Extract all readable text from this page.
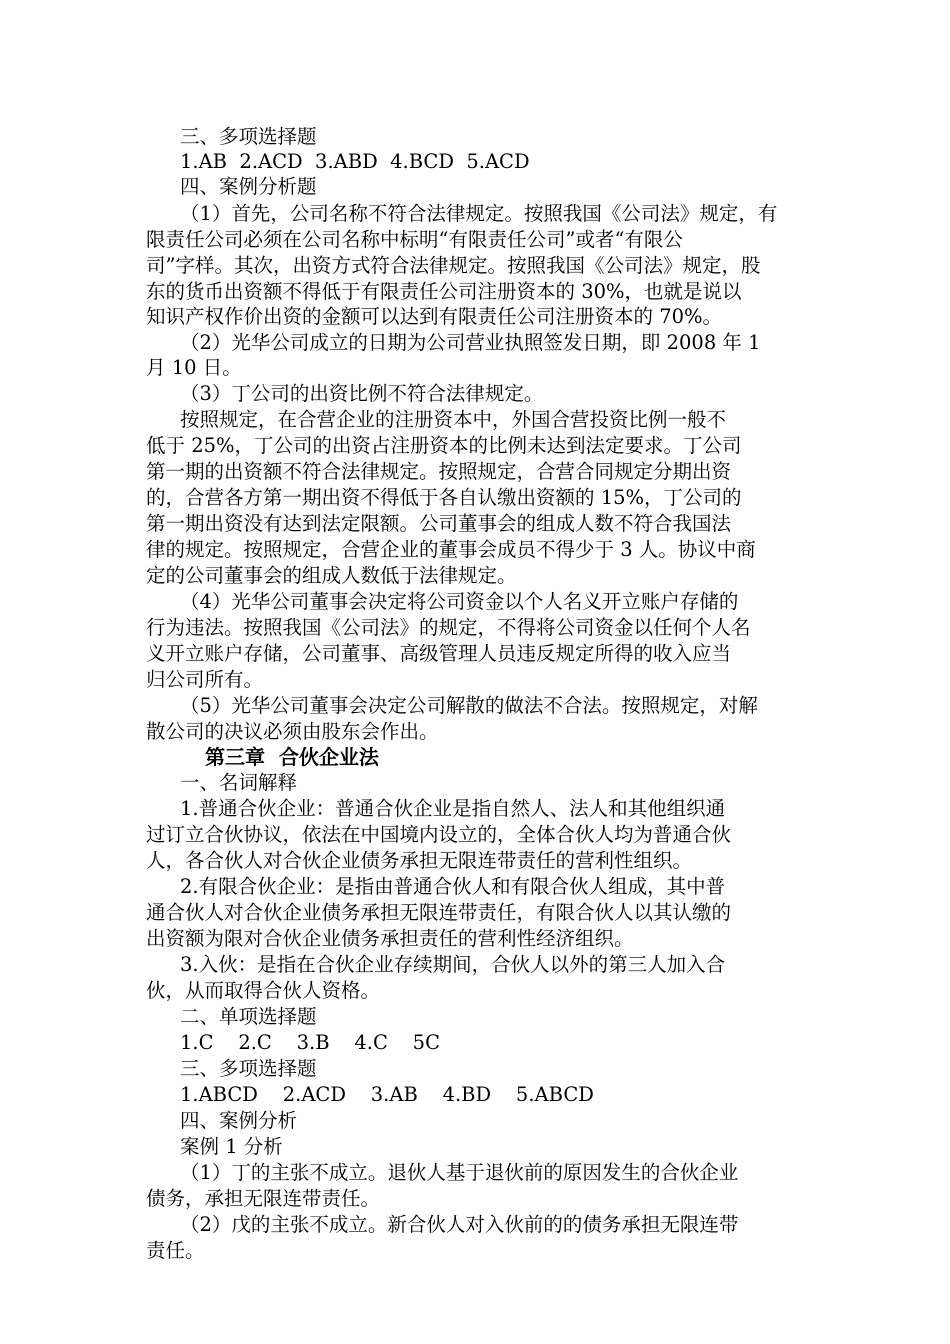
三、多项选择题
1.AB  2.ACD  3.ABD  4.BCD  5.ACD
四、案例分析题
（1）首先，公司名称不符合法律规定。按照我国《公司法》规定，有
限责任公司必须在公司名称中标明“有限责任公司”或者“有限公
司”字样。其次，出资方式符合法律规定。按照我国《公司法》规定，股
东的货币出资额不得低于有限责任公司注册资本的 30%，也就是说以
知识产权作价出资的金额可以达到有限责任公司注册资本的 70%。
（2）光华公司成立的日期为公司营业执照签发日期，即 2008 年 1
月 10 日。
（3）丁公司的出资比例不符合法律规定。
按照规定，在合营企业的注册资本中，外国合营投资比例一般不
低于 25%，丁公司的出资占注册资本的比例未达到法定要求。丁公司
第一期的出资额不符合法律规定。按照规定，合营合同规定分期出资
的，合营各方第一期出资不得低于各自认缴出资额的 15%，丁公司的
第一期出资没有达到法定限额。公司董事会的组成人数不符合我国法
律的规定。按照规定，合营企业的董事会成员不得少于 3 人。协议中商
定的公司董事会的组成人数低于法律规定。
（4）光华公司董事会决定将公司资金以个人名义开立账户存储的
行为违法。按照我国《公司法》的规定，不得将公司资金以任何个人名
义开立账户存储，公司董事、高级管理人员违反规定所得的收入应当
归公司所有。
（5）光华公司董事会决定公司解散的做法不合法。按照规定，对解
散公司的决议必须由股东会作出。
第三章  合伙企业法
一、名词解释
1.普通合伙企业：普通合伙企业是指自然人、法人和其他组织通
过订立合伙协议，依法在中国境内设立的，全体合伙人均为普通合伙
人，各合伙人对合伙企业债务承担无限连带责任的营利性组织。
2.有限合伙企业：是指由普通合伙人和有限合伙人组成，其中普
通合伙人对合伙企业债务承担无限连带责任，有限合伙人以其认缴的
出资额为限对合伙企业债务承担责任的营利性经济组织。
3.入伙：是指在合伙企业存续期间，合伙人以外的第三人加入合
伙，从而取得合伙人资格。
二、单项选择题
1.C    2.C    3.B    4.C    5C
三、多项选择题
1.ABCD    2.ACD    3.AB    4.BD    5.ABCD
四、案例分析
案例 1 分析
（1）丁的主张不成立。退伙人基于退伙前的原因发生的合伙企业
债务，承担无限连带责任。
（2）戊的主张不成立。新合伙人对入伙前的的债务承担无限连带
责任。
